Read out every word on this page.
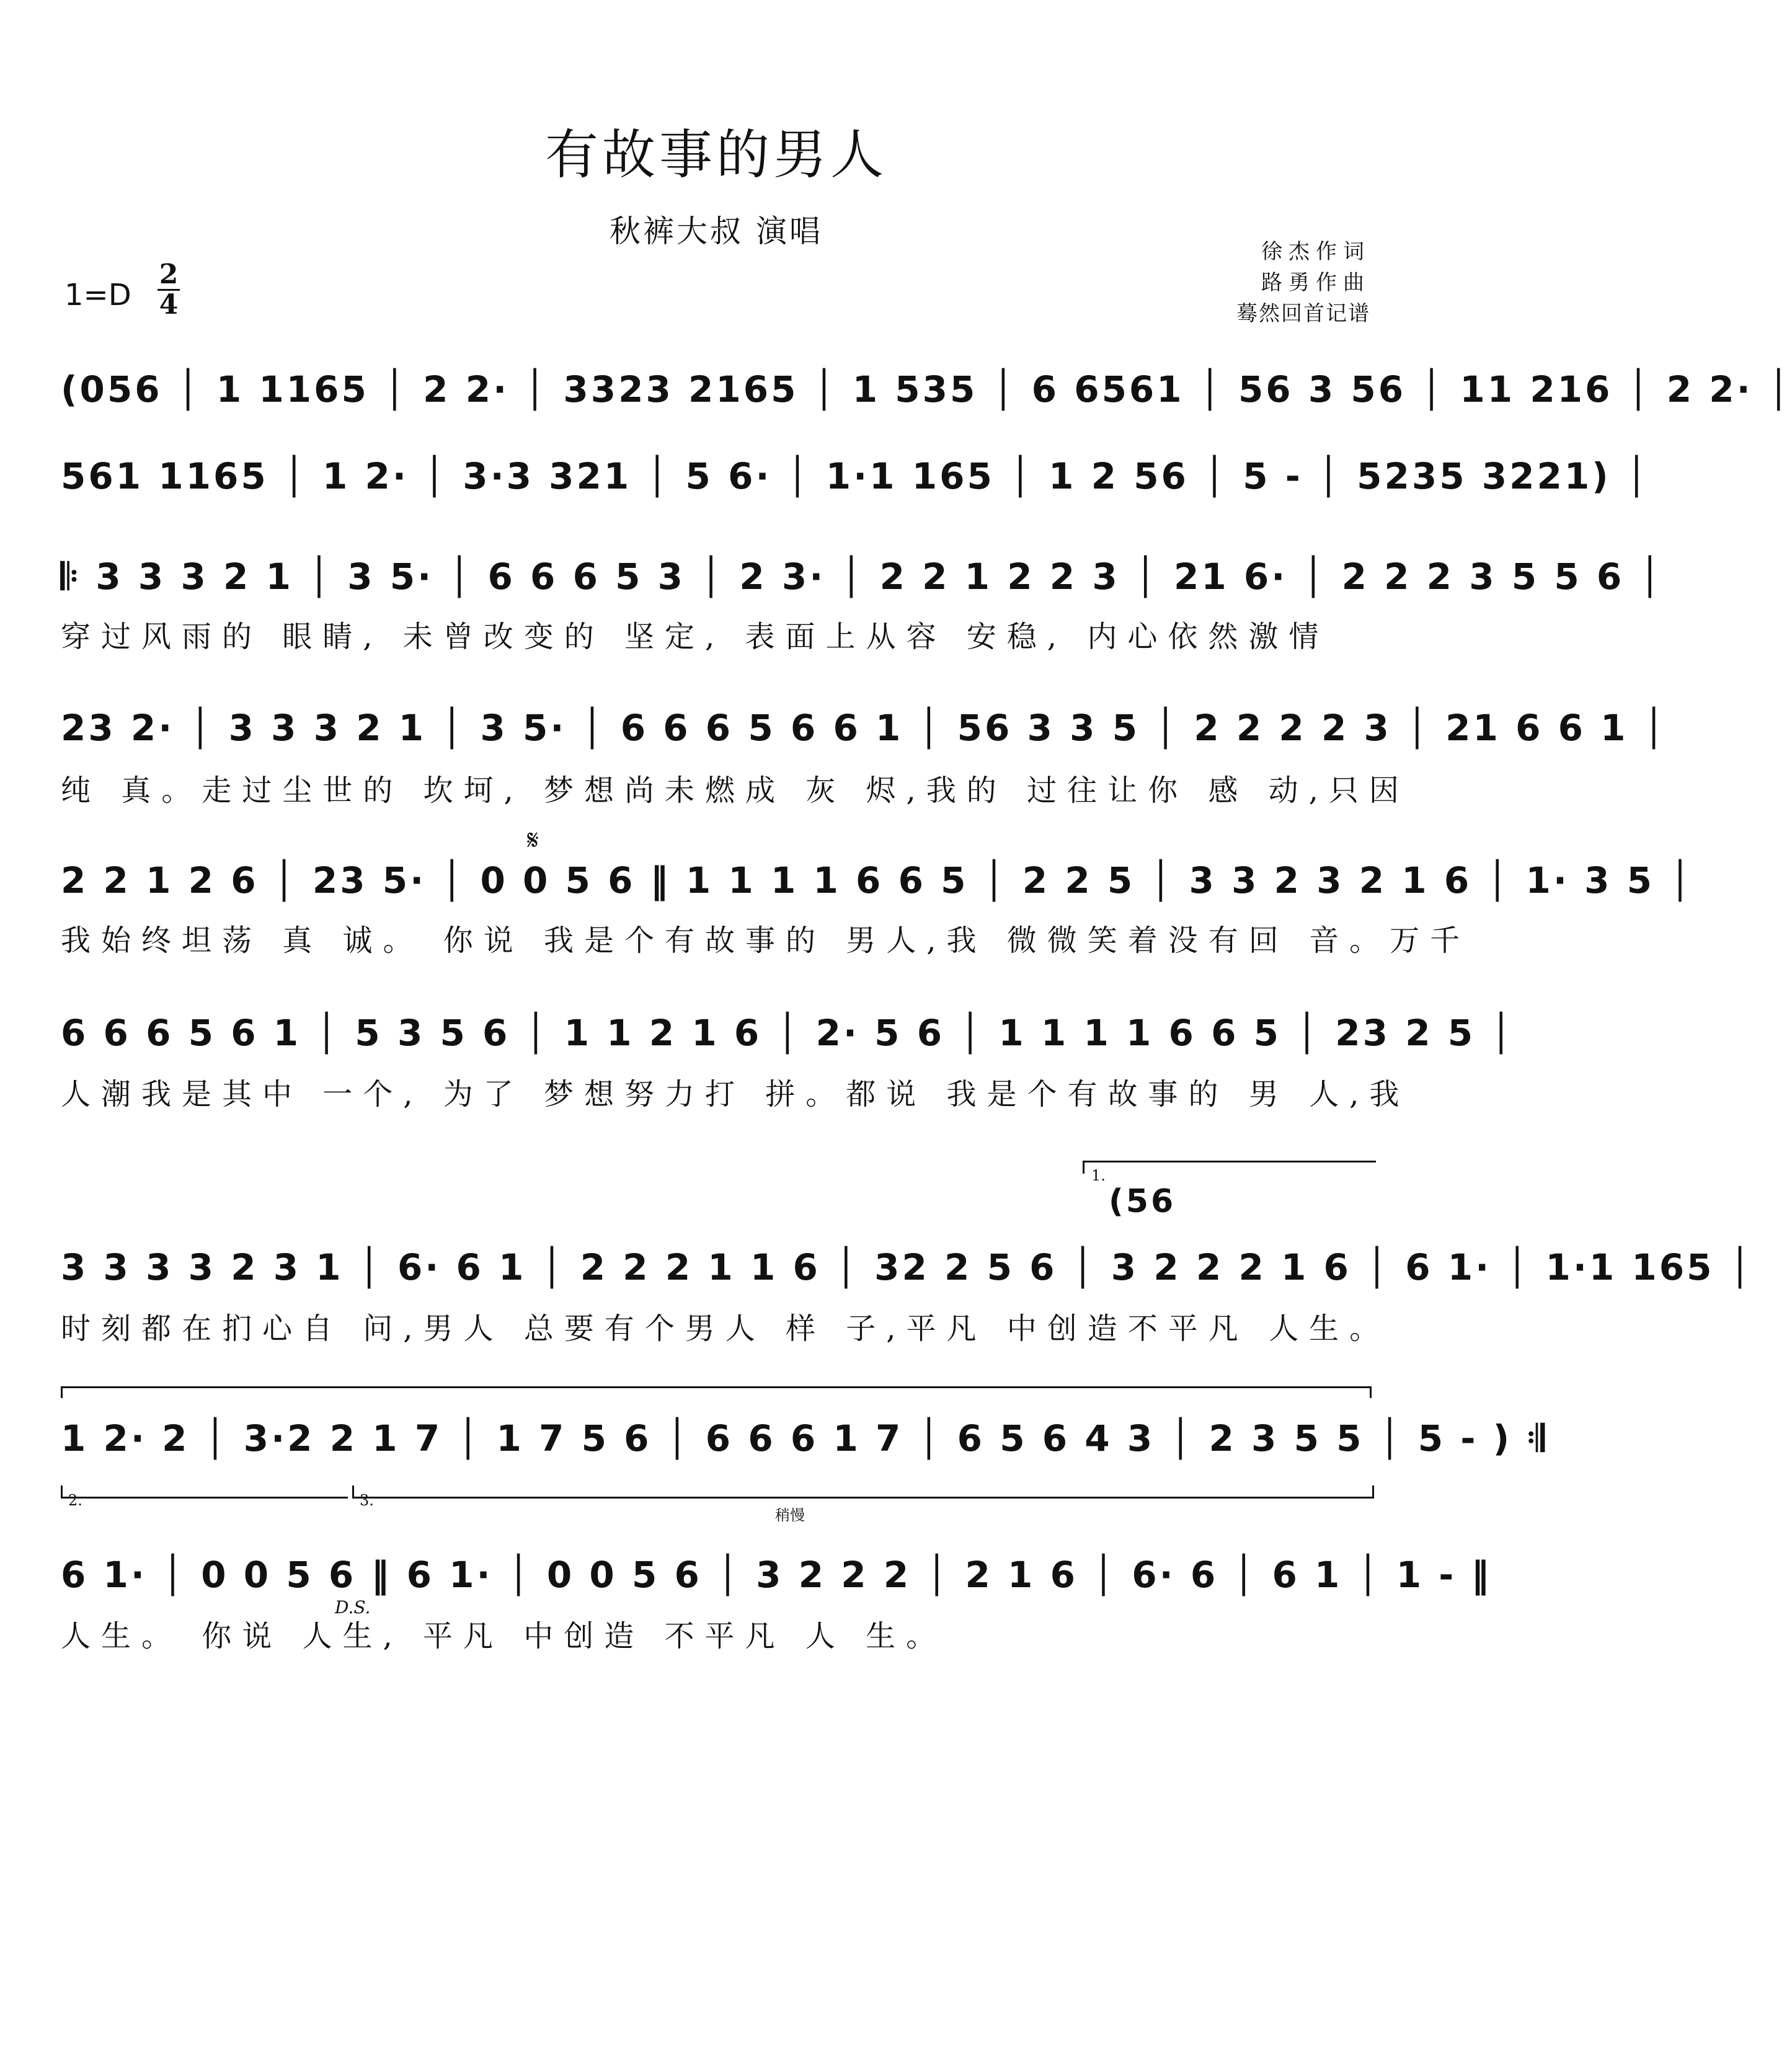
有故事的男人
秋裤大叔 演唱
徐杰作词
路勇作曲
蓦然回首记谱
$1=D \frac{2}{4}$
(056 │ 1 1165 │ 2 2· │ 3323 2165 │ 1 535 │ 6 6561 │ 56 3 56 │ 11 216 │ 2 2· │
561 1165 │ 1 2· │ 3·3 321 │ 5 6· │ 1·1 165 │ 1 2 56 │ 5 - │ 5235 3221) │
𝄆 3 3 3 2 1 │ 3 5· │ 6 6 6 5 3 │ 2 3· │ 2 2 1 2 2 3 │ 21 6· │ 2 2 2 3 5 5 6 │
穿过风雨的 眼睛, 未曾改变的 坚定, 表面上从容 安稳, 内心依然激情
23 2· │ 3 3 3 2 1 │ 3 5· │ 6 6 6 5 6 6 1 │ 56 3 3 5 │ 2 2 2 2 3 │ 21 6 6 1 │
纯 真。走过尘世的 坎坷, 梦想尚未燃成 灰 烬,我的 过往让你 感 动,只因
𝄋
2 2 1 2 6 │ 23 5· │ 0 0 5 6 ‖ 1 1 1 1 6 6 5 │ 2 2 5 │ 3 3 2 3 2 1 6 │ 1· 3 5 │
我始终坦荡 真 诚。 你说 我是个有故事的 男人,我 微微笑着没有回 音。万千
6 6 6 5 6 1 │ 5 3 5 6 │ 1 1 2 1 6 │ 2· 5 6 │ 1 1 1 1 6 6 5 │ 23 2 5 │
人潮我是其中 一个, 为了 梦想努力打 拼。都说 我是个有故事的 男 人,我
1.
(56
3 3 3 3 2 3 1 │ 6· 6 1 │ 2 2 2 1 1 6 │ 32 2 5 6 │ 3 2 2 2 1 6 │ 6 1· │ 1·1 165 │
时刻都在扪心自 问,男人 总要有个男人 样 子,平凡 中创造不平凡 人生。
1 2· 2 │ 3·2 2 1 7 │ 1 7 5 6 │ 6 6 6 1 7 │ 6 5 6 4 3 │ 2 3 5 5 │ 5 - ) 𝄇
2.	3.
稍慢
6 1· │ 0 0 5 6 ‖ 6 1· │ 0 0 5 6 │ 3 2 2 2 │ 2 1 6 │ 6· 6 │ 6 1 │ 1 - ‖
D.S.
人生。 你说 人生, 平凡 中创造 不平凡 人 生。
